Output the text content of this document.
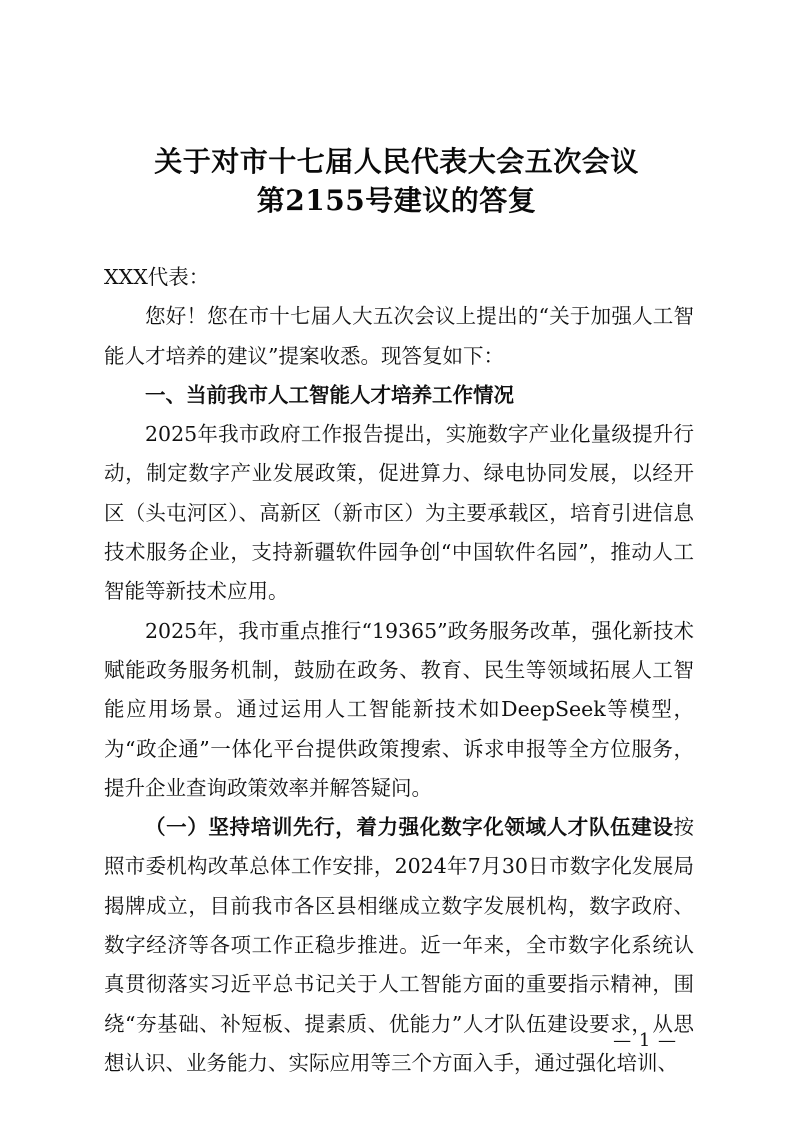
关于对市十七届人民代表大会五次会议
第2155号建议的答复

XXX代表：

您好！您在市十七届人大五次会议上提出的“关于加强人工智能人才培养的建议”提案收悉。现答复如下：

一、当前我市人工智能人才培养工作情况

2025年我市政府工作报告提出，实施数字产业化量级提升行动，制定数字产业发展政策，促进算力、绿电协同发展，以经开区（头屯河区）、高新区（新市区）为主要承载区，培育引进信息技术服务企业，支持新疆软件园争创“中国软件名园”，推动人工智能等新技术应用。

2025年，我市重点推行“19365”政务服务改革，强化新技术赋能政务服务机制，鼓励在政务、教育、民生等领域拓展人工智能应用场景。通过运用人工智能新技术如DeepSeek等模型，为“政企通”一体化平台提供政策搜索、诉求申报等全方位服务，提升企业查询政策效率并解答疑问。

（一）坚持培训先行，着力强化数字化领域人才队伍建设按照市委机构改革总体工作安排，2024年7月30日市数字化发展局揭牌成立，目前我市各区县相继成立数字发展机构，数字政府、数字经济等各项工作正稳步推进。近一年来，全市数字化系统认真贯彻落实习近平总书记关于人工智能方面的重要指示精神，围绕“夯基础、补短板、提素质、优能力”人才队伍建设要求，从思想认识、业务能力、实际应用等三个方面入手，通过强化培训、

— 1 —
